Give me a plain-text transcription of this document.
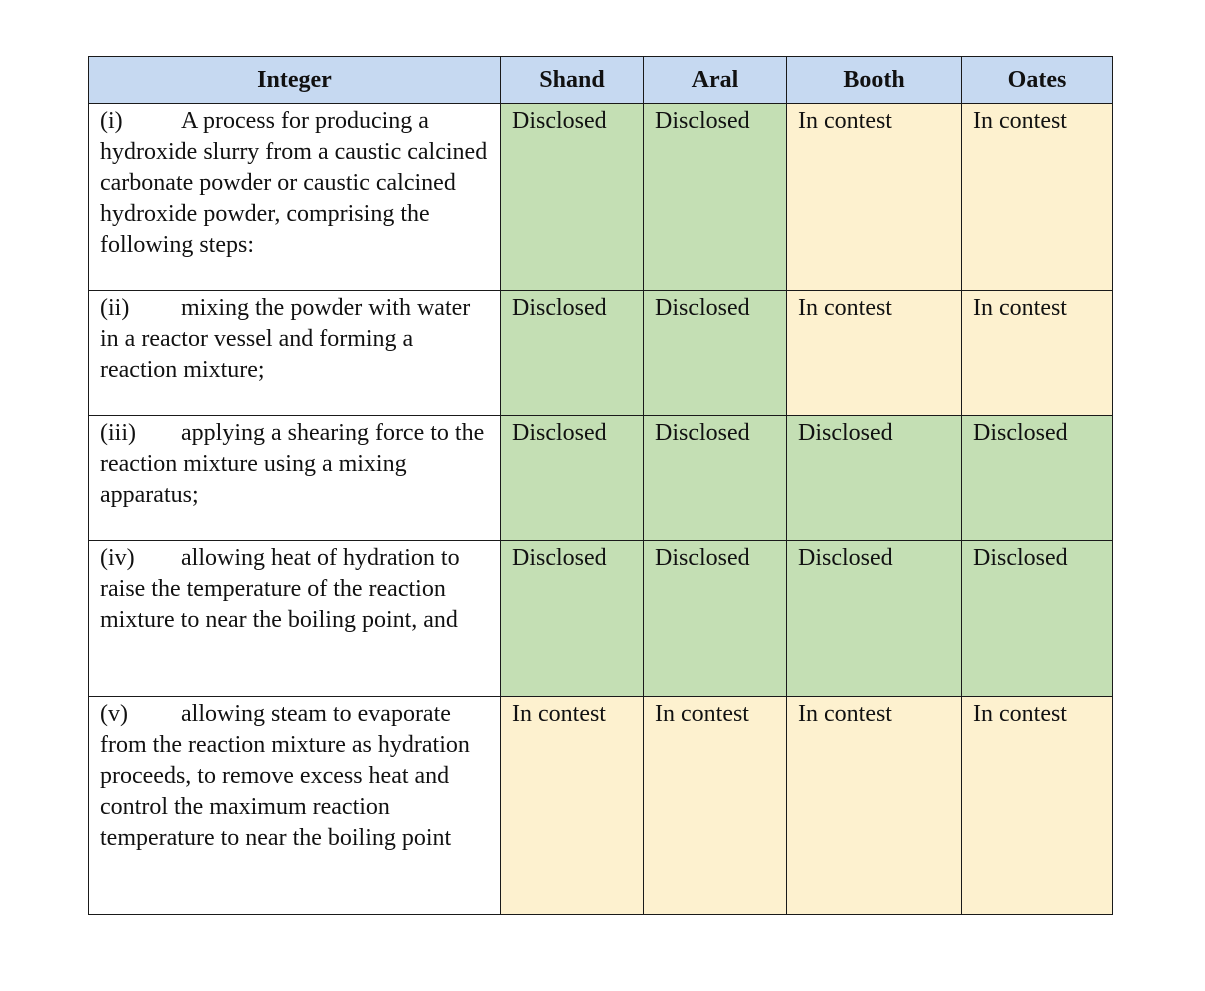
Integer	Shand	Aral	Booth	Oates
(i) A process for producing a hydroxide slurry from a caustic calcined carbonate powder or caustic calcined hydroxide powder, comprising the following steps:	Disclosed	Disclosed	In contest	In contest
(ii) mixing the powder with water in a reactor vessel and forming a reaction mixture;	Disclosed	Disclosed	In contest	In contest
(iii) applying a shearing force to the reaction mixture using a mixing apparatus;	Disclosed	Disclosed	Disclosed	Disclosed
(iv) allowing heat of hydration to raise the temperature of the reaction mixture to near the boiling point, and	Disclosed	Disclosed	Disclosed	Disclosed
(v) allowing steam to evaporate from the reaction mixture as hydration proceeds, to remove excess heat and control the maximum reaction temperature to near the boiling point	In contest	In contest	In contest	In contest
